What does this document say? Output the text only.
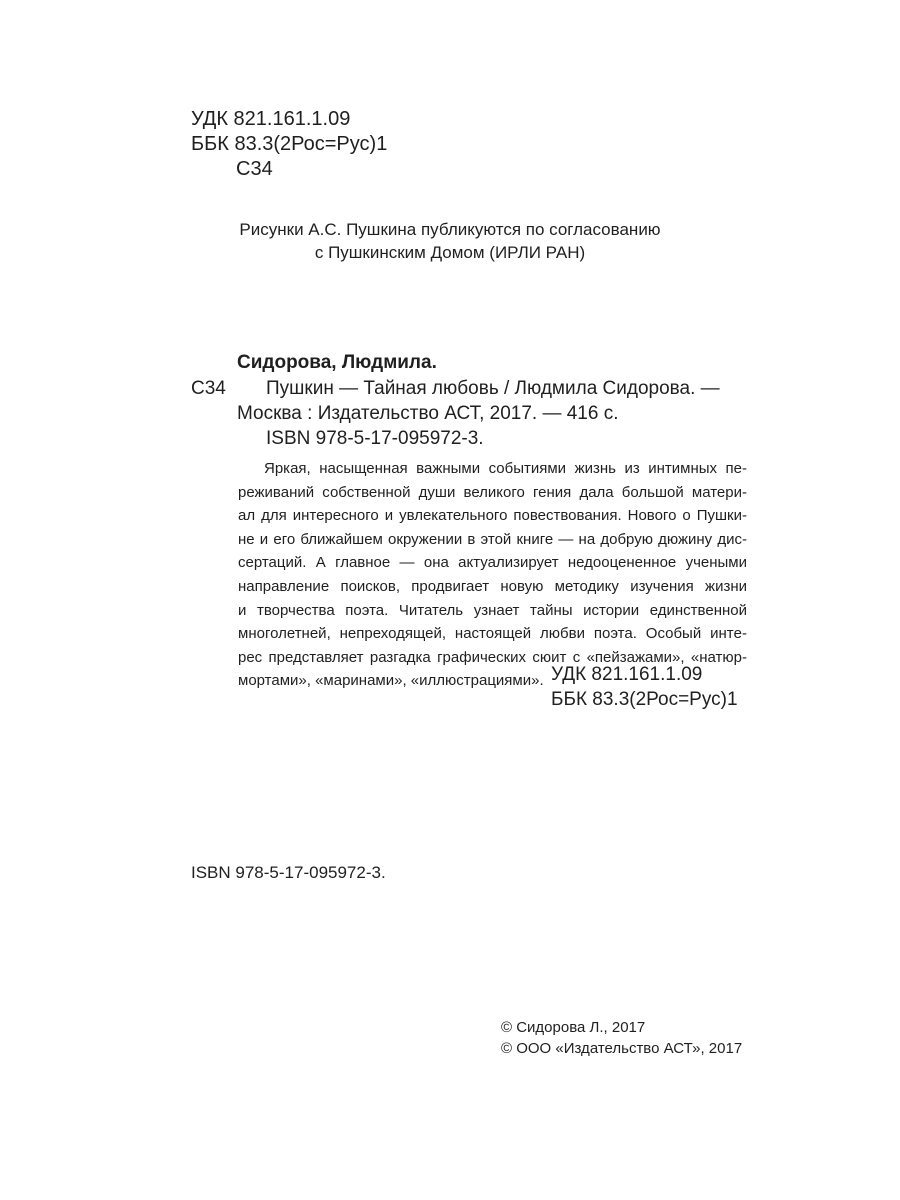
УДК 821.161.1.09
ББК 83.3(2Рос=Рус)1
С34
Рисунки А.С. Пушкина публикуются по согласованию
с Пушкинским Домом (ИРЛИ РАН)
Сидорова, Людмила.
С34 Пушкин — Тайная любовь / Людмила Сидорова. —
Москва : Издательство АСТ, 2017. — 416 с.
ISBN 978-5-17-095972-3.
Яркая, насыщенная важными событиями жизнь из интимных пе-
реживаний собственной души великого гения дала большой матери-
ал для интересного и увлекательного повествования. Нового о Пушки-
не и его ближайшем окружении в этой книге — на добрую дюжину дис-
сертаций. А главное — она актуализирует недооцененное учеными
направление поисков, продвигает новую методику изучения жизни
и творчества поэта. Читатель узнает тайны истории единственной
многолетней, непреходящей, настоящей любви поэта. Особый интe-
рес представляет разгадка графических сюит с «пейзажами», «натюр-
мортами», «маринами», «иллюстрациями». УДК 821.161.1.09
ББК 83.3(2Рос=Рус)1
ISBN 978-5-17-095972-3.
© Сидорова Л., 2017
© ООО «Издательство АСТ», 2017
